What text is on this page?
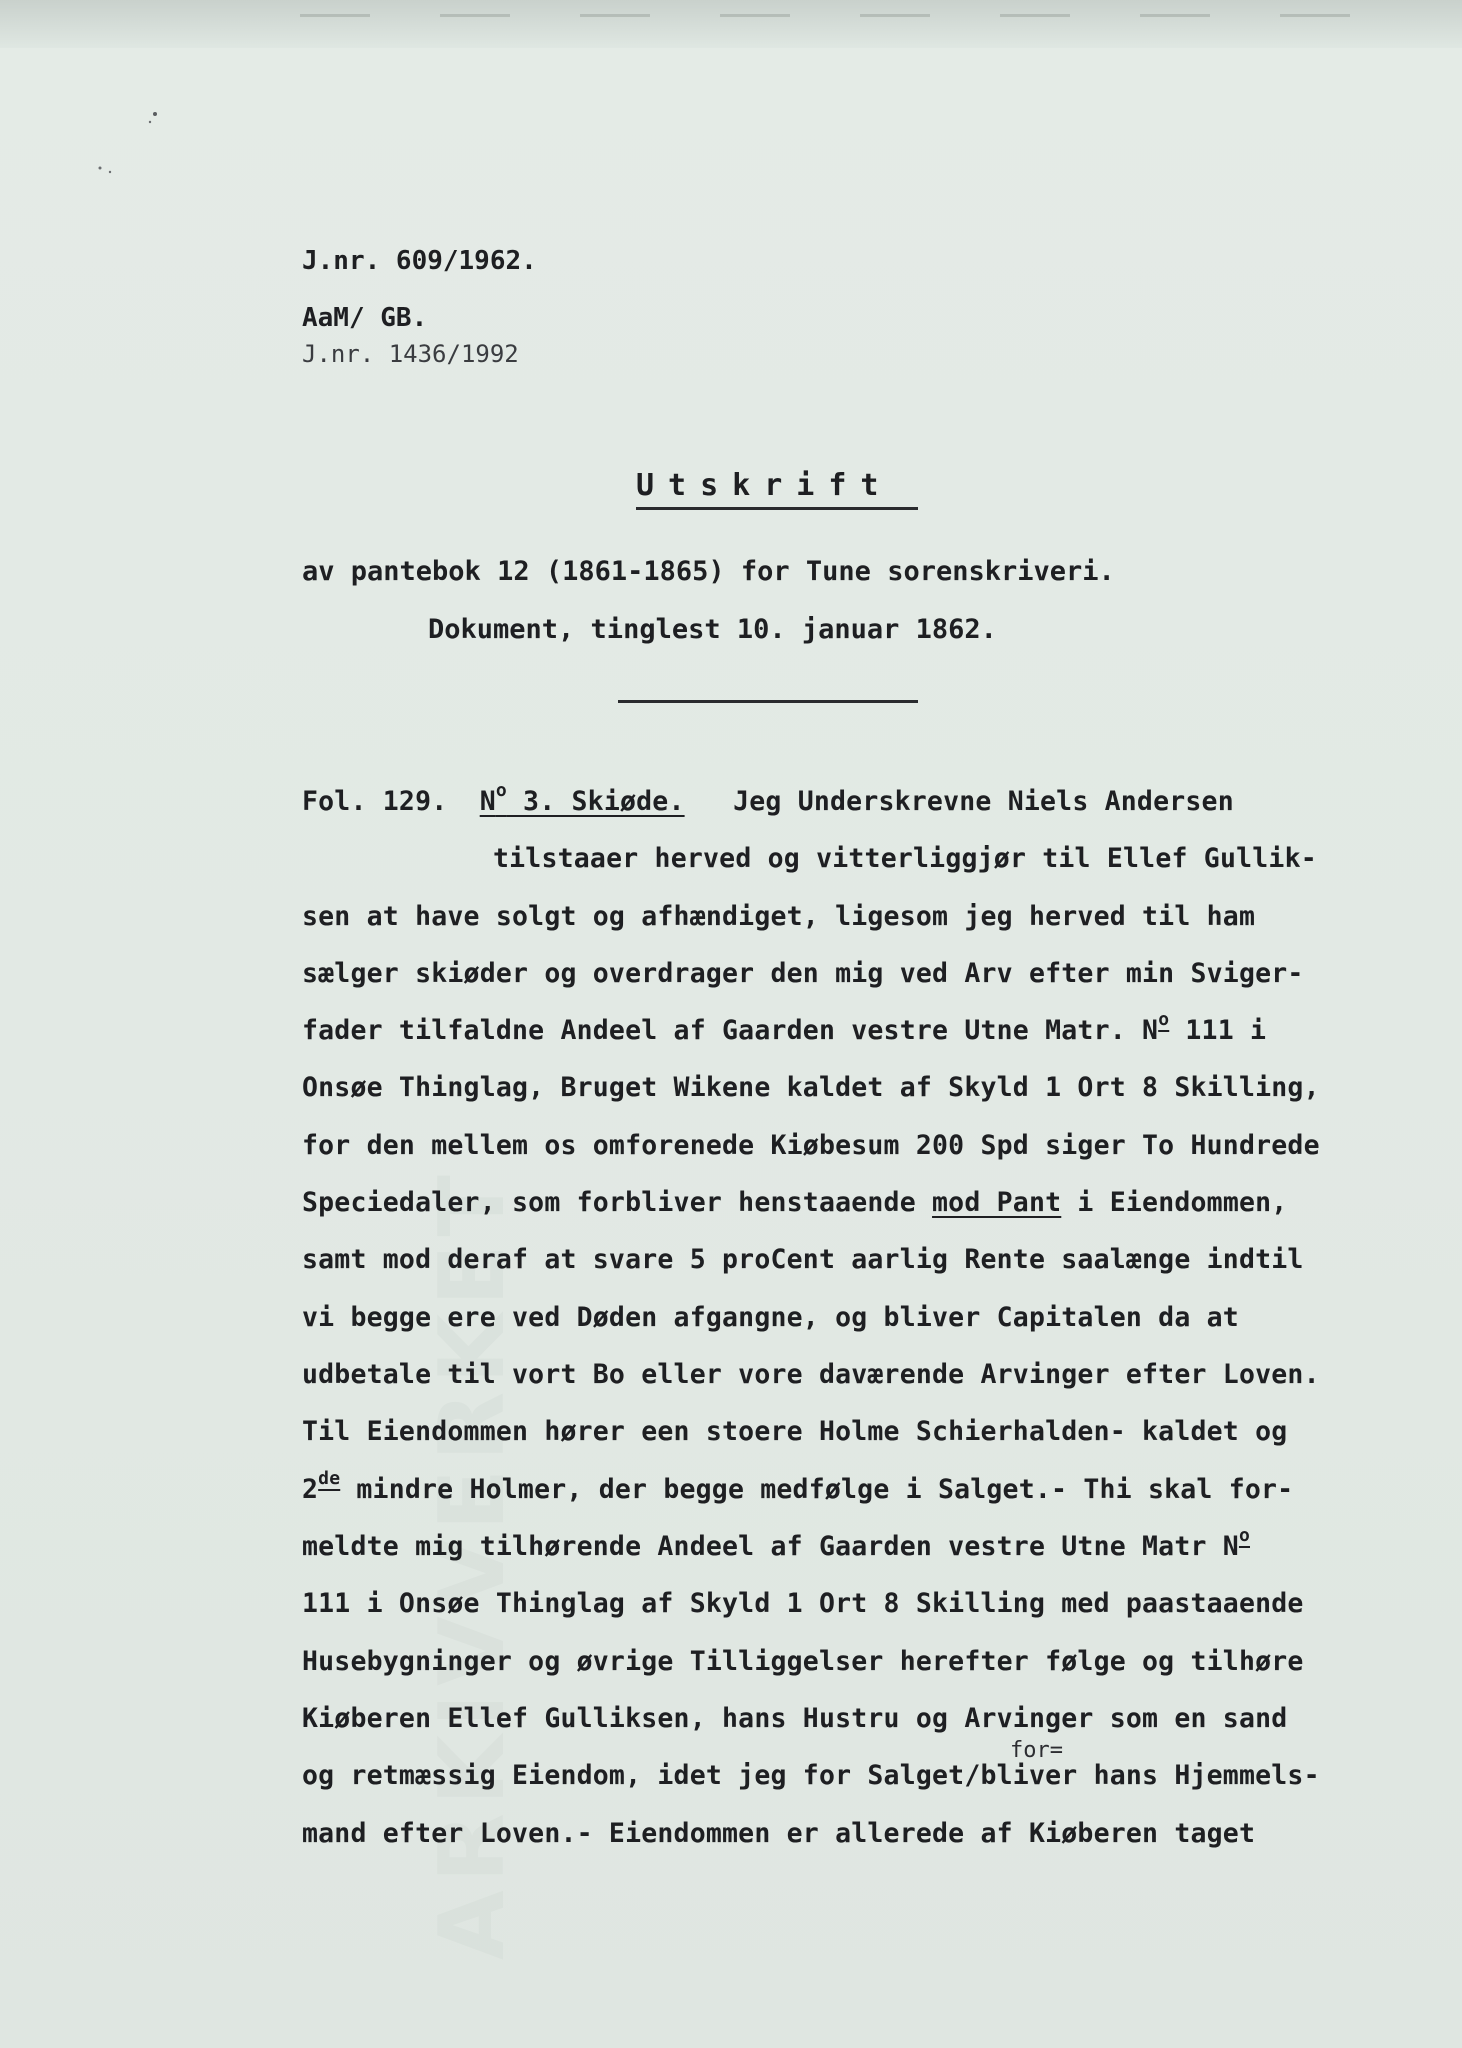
ARKIVVERKET
J.nr. 609/1962.
AaM/ GB.
J.nr. 1436/1992
Utskrift
av pantebok 12 (1861-1865) for Tune sorenskriveri.
Dokument, tinglest 10. januar 1862.
Fol. 129. $N^o$ 3. Skiøde. Jeg Underskrevne Niels Andersen
tilstaaer herved og vitterliggjør til Ellef Gullik-
sen at have solgt og afhændiget, ligesom jeg herved til ham
sælger skiøder og overdrager den mig ved Arv efter min Sviger-
fader tilfaldne Andeel af Gaarden vestre Utne Matr. $N^o$ 111 i
Onsøe Thinglag, Bruget Wikene kaldet af Skyld 1 Ort 8 Skilling,
for den mellem os omforenede Kiøbesum 200 Spd siger To Hundrede
Speciedaler, som forbliver henstaaende mod Pant i Eiendommen,
samt mod deraf at svare 5 proCent aarlig Rente saalænge indtil
vi begge ere ved Døden afgangne, og bliver Capitalen da at
udbetale til vort Bo eller vore daværende Arvinger efter Loven.
Til Eiendommen hører een stoere Holme Schierhalden- kaldet og
2de mindre Holmer, der begge medfølge i Salget.- Thi skal for-
meldte mig tilhørende Andeel af Gaarden vestre Utne Matr $N^o$
111 i Onsøe Thinglag af Skyld 1 Ort 8 Skilling med paastaaende
Husebygninger og øvrige Tilliggelser herefter følge og tilhøre
Kiøberen Ellef Gulliksen, hans Hustru og Arvinger som en sand
for=
og retmæssig Eiendom, idet jeg for Salget/bliver hans Hjemmels-
mand efter Loven.- Eiendommen er allerede af Kiøberen taget
